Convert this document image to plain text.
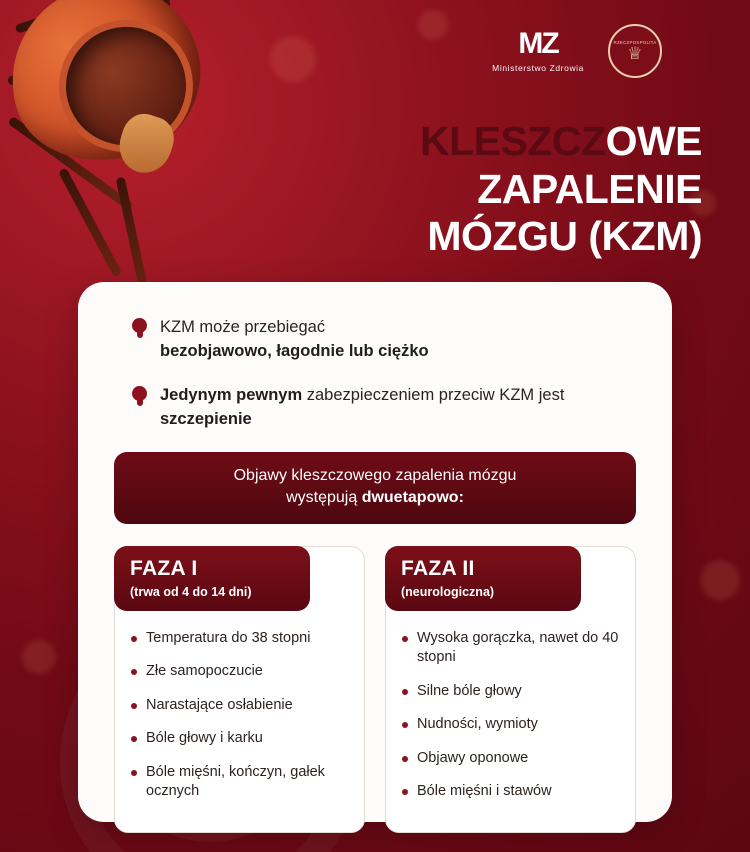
MZ
Ministerstwo Zdrowia
RZECZPOSPOLITA
♕
KLESZCZOWE
ZAPALENIE
MÓZGU (KZM)
KZM może przebiegać
bezobjawowo, łagodnie lub ciężko
Jedynym pewnym zabezpieczeniem przeciw KZM jest szczepienie
Objawy kleszczowego zapalenia mózgu
występują dwuetapowo:
FAZA I
(trwa od 4 do 14 dni)
Temperatura do 38 stopni
Złe samopoczucie
Narastające osłabienie
Bóle głowy i karku
Bóle mięśni, kończyn, gałek ocznych
FAZA II
(neurologiczna)
Wysoka gorączka, nawet do 40 stopni
Silne bóle głowy
Nudności, wymioty
Objawy oponowe
Bóle mięśni i stawów
